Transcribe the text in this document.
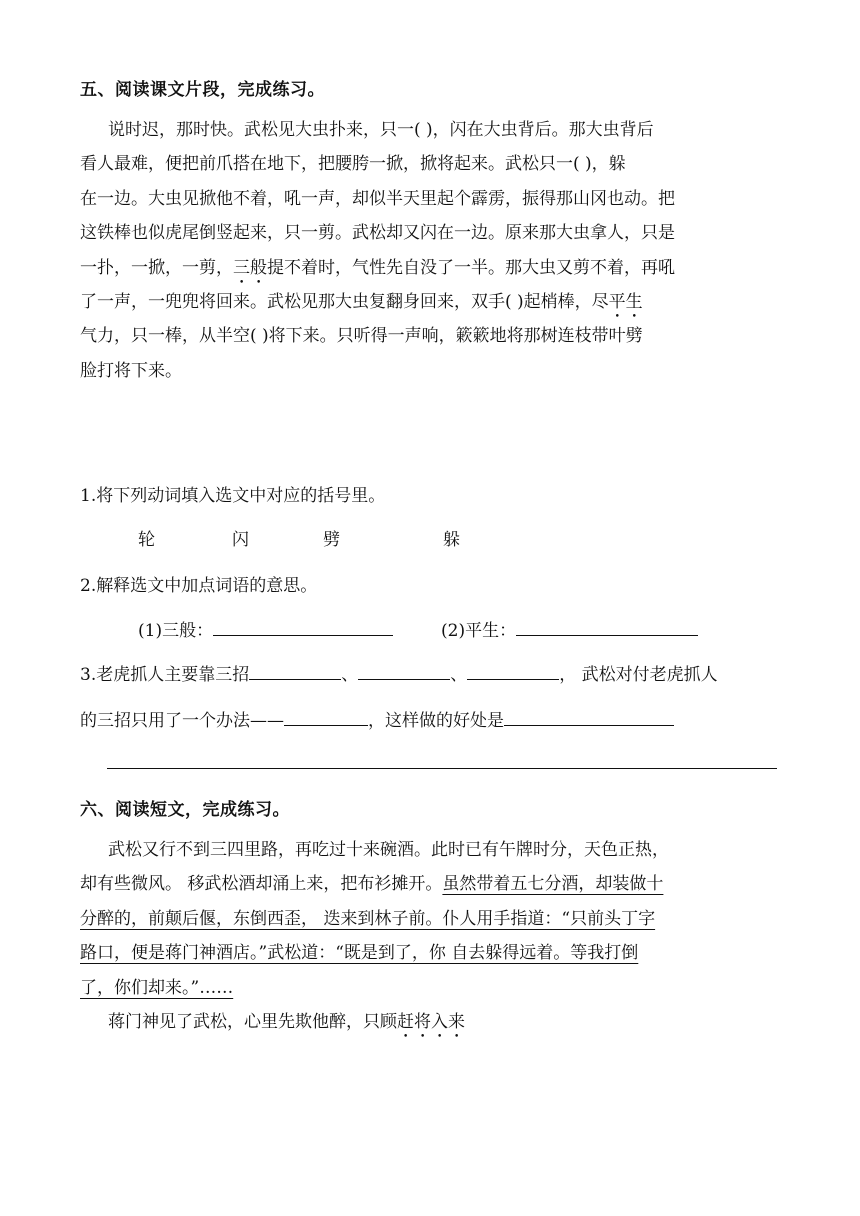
五、阅读课文片段，完成练习。
说时迟，那时快。武松见大虫扑来，只一( )，闪在大虫背后。那大虫背后
看人最难，便把前爪搭在地下，把腰胯一掀，掀将起来。武松只一( )，躲
在一边。大虫见掀他不着，吼一声，却似半天里起个霹雳，振得那山冈也动。把
这铁棒也似虎尾倒竖起来，只一剪。武松却又闪在一边。原来那大虫拿人，只是
一扑，一掀，一剪，三般提不着时，气性先自没了一半。那大虫又剪不着，再吼
了一声，一兜兜将回来。武松见那大虫复翻身回来，双手( )起梢棒，尽平生
气力，只一棒，从半空( )将下来。只听得一声响，簌簌地将那树连枝带叶劈
脸打将下来。
1.将下列动词填入选文中对应的括号里。
轮	闪	劈	躲
2.解释选文中加点词语的意思。
(1)三般：	(2)平生：
3.老虎抓人主要靠三招	、	、	， 武松对付老虎抓人
的三招只用了一个办法——	，这样做的好处是
六、阅读短文，完成练习。
武松又行不到三四里路，再吃过十来碗酒。此时已有午牌时分，天色正热，
却有些微风。 移武松酒却涌上来，把布衫摊开。虽然带着五七分酒，却装做十
分醉的，前颠后偃，东倒西歪， 迭来到林子前。仆人用手指道：“只前头丁字
路口，便是蒋门神酒店。”武松道：“既是到了，你 自去躲得远着。等我打倒
了，你们却来。”……
蒋门神见了武松，心里先欺他醉，只顾赶将入来
